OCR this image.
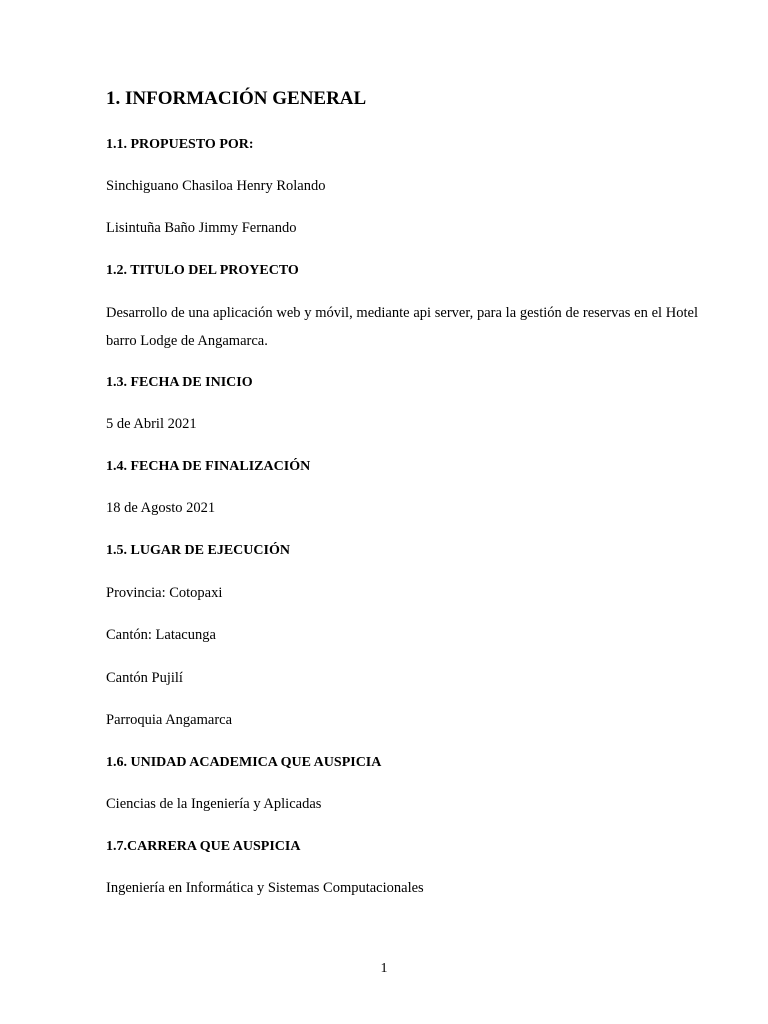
1. INFORMACIÓN GENERAL
1.1. PROPUESTO POR:

Sinchiguano Chasiloa Henry Rolando

Lisintuña Baño Jimmy Fernando

1.2. TITULO DEL PROYECTO

Desarrollo de una aplicación web y móvil, mediante api server, para la gestión de reservas en el Hotel barro Lodge de Angamarca.

1.3. FECHA DE INICIO

5 de Abril 2021

1.4. FECHA DE FINALIZACIÓN

18 de Agosto 2021

1.5. LUGAR DE EJECUCIÓN

Provincia: Cotopaxi

Cantón: Latacunga

Cantón Pujilí

Parroquia Angamarca

1.6. UNIDAD ACADEMICA QUE AUSPICIA

Ciencias de la Ingeniería y Aplicadas

1.7.CARRERA QUE AUSPICIA

Ingeniería en Informática y Sistemas Computacionales

1
